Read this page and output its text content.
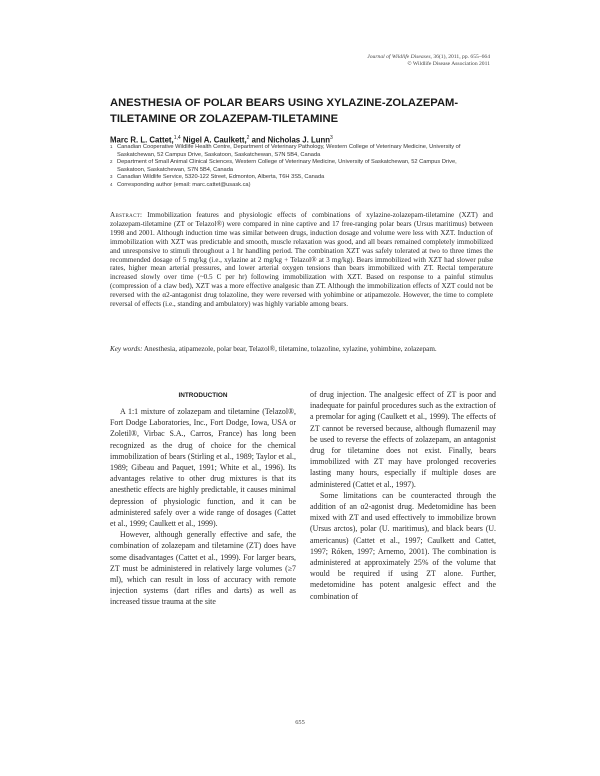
Journal of Wildlife Diseases, 36(1), 2011, pp. 655–664
© Wildlife Disease Association 2011
ANESTHESIA OF POLAR BEARS USING XYLAZINE-ZOLAZEPAM-TILETAMINE OR ZOLAZEPAM-TILETAMINE
Marc R. L. Cattet,$^{1,4}$ Nigel A. Caulkett,$^2$ and Nicholas J. Lunn$^3$
1 Canadian Cooperative Wildlife Health Centre, Department of Veterinary Pathology, Western College of Veterinary Medicine, University of Saskatchewan, 52 Campus Drive, Saskatoon, Saskatchewan, S7N 5B4, Canada
2 Department of Small Animal Clinical Sciences, Western College of Veterinary Medicine, University of Saskatchewan, 52 Campus Drive, Saskatoon, Saskatchewan, S7N 5B4, Canada
3 Canadian Wildlife Service, 5320-122 Street, Edmonton, Alberta, T6H 3S5, Canada
4 Corresponding author (email: marc.cattet@usask.ca)
Abstract: Immobilization features and physiologic effects of combinations of xylazine-zolazepam-tiletamine (XZT) and zolazepam-tiletamine (ZT or Telazol®) were compared in nine captive and 17 free-ranging polar bears (Ursus maritimus) between 1998 and 2001. Although induction time was similar between drugs, induction dosage and volume were less with XZT. Induction of immobilization with XZT was predictable and smooth, muscle relaxation was good, and all bears remained completely immobilized and unresponsive to stimuli throughout a 1 hr handling period. The combination XZT was safely tolerated at two to three times the recommended dosage of 5 mg/kg (i.e., xylazine at 2 mg/kg + Telazol® at 3 mg/kg). Bears immobilized with XZT had slower pulse rates, higher mean arterial pressures, and lower arterial oxygen tensions than bears immobilized with ZT. Rectal temperature increased slowly over time (~0.5 C per hr) following immobilization with XZT. Based on response to a painful stimulus (compression of a claw bed), XZT was a more effective analgesic than ZT. Although the immobilization effects of XZT could not be reversed with the α2-antagonist drug tolazoline, they were reversed with yohimbine or atipamezole. However, the time to complete reversal of effects (i.e., standing and ambulatory) was highly variable among bears.
Key words: Anesthesia, atipamezole, polar bear, Telazol®, tiletamine, tolazoline, xylazine, yohimbine, zolazepam.
INTRODUCTION

A 1:1 mixture of zolazepam and tiletamine (Telazol®, Fort Dodge Laboratories, Inc., Fort Dodge, Iowa, USA or Zoletil®, Virbac S.A., Carros, France) has long been recognized as the drug of choice for the chemical immobilization of bears (Stirling et al., 1989; Taylor et al., 1989; Gibeau and Paquet, 1991; White et al., 1996). Its advantages relative to other drug mixtures is that its anesthetic effects are highly predictable, it causes minimal depression of physiologic function, and it can be administered safely over a wide range of dosages (Cattet et al., 1999; Caulkett et al., 1999).

However, although generally effective and safe, the combination of zolazepam and tiletamine (ZT) does have some disadvantages (Cattet et al., 1999). For larger bears, ZT must be administered in relatively large volumes (≥7 ml), which can result in loss of accuracy with remote injection systems (dart rifles and darts) as well as increased tissue trauma at the site

of drug injection. The analgesic effect of ZT is poor and inadequate for painful procedures such as the extraction of a premolar for aging (Caulkett et al., 1999). The effects of ZT cannot be reversed because, although flumazenil may be used to reverse the effects of zolazepam, an antagonist drug for tiletamine does not exist. Finally, bears immobilized with ZT may have prolonged recoveries lasting many hours, especially if multiple doses are administered (Cattet et al., 1997).

Some limitations can be counteracted through the addition of an α2-agonist drug. Medetomidine has been mixed with ZT and used effectively to immobilize brown (Ursus arctos), polar (U. maritimus), and black bears (U. americanus) (Cattet et al., 1997; Caulkett and Cattet, 1997; Róken, 1997; Arnemo, 2001). The combination is administered at approximately 25% of the volume that would be required if using ZT alone. Further, medetomidine has potent analgesic effect and the combination of

655
